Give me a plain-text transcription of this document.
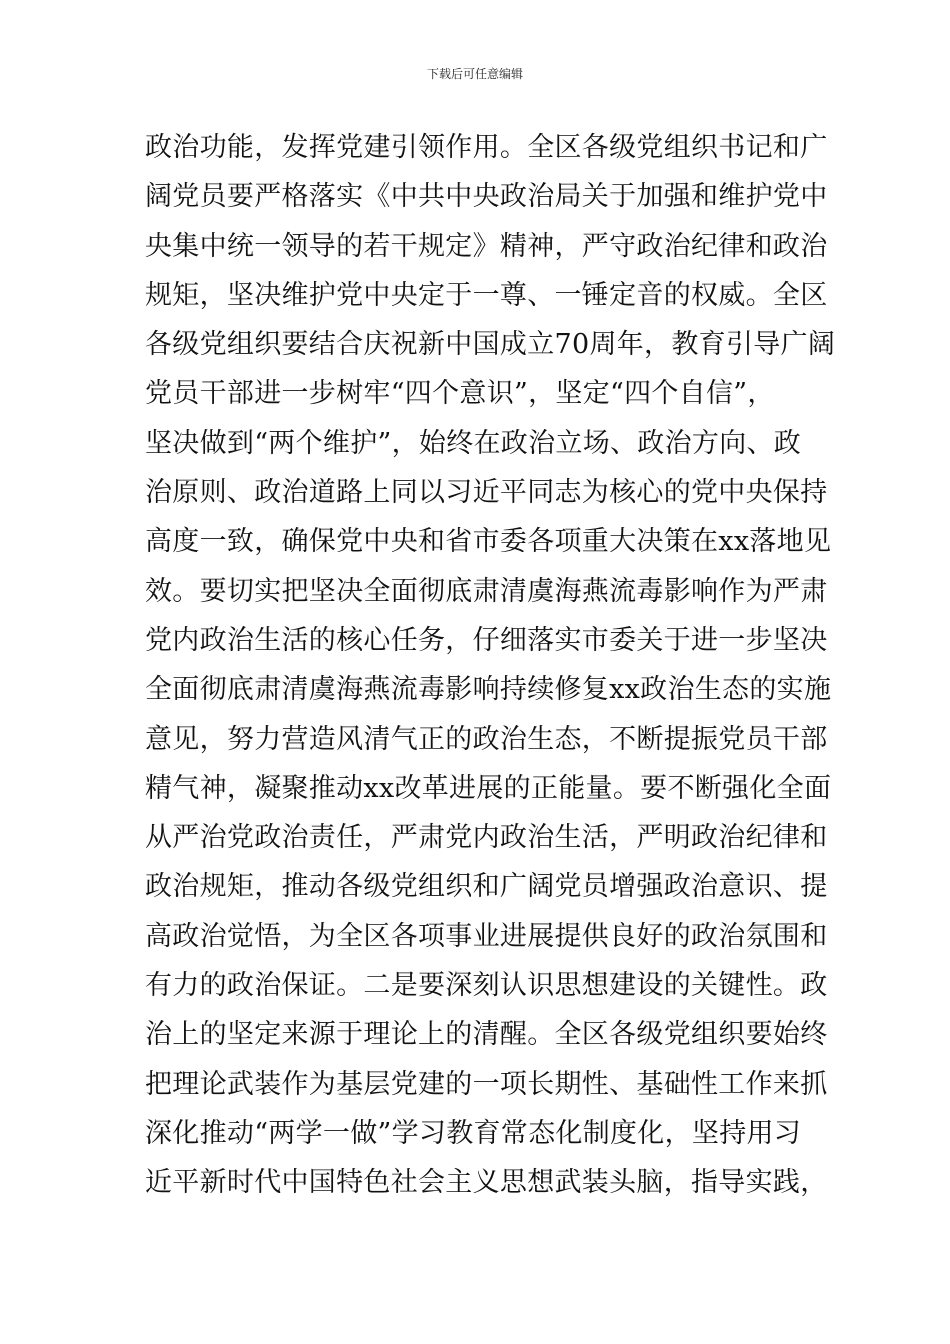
下载后可任意编辑
政治功能，发挥党建引领作用。全区各级党组织书记和广
阔党员要严格落实《中共中央政治局关于加强和维护党中
央集中统一领导的若干规定》精神，严守政治纪律和政治
规矩，坚决维护党中央定于一尊、一锤定音的权威。全区
各级党组织要结合庆祝新中国成立70周年，教育引导广阔
党员干部进一步树牢“四个意识”，坚定“四个自信”，
坚决做到“两个维护”，始终在政治立场、政治方向、政
治原则、政治道路上同以习近平同志为核心的党中央保持
高度一致，确保党中央和省市委各项重大决策在xx落地见
效。要切实把坚决全面彻底肃清虞海燕流毒影响作为严肃
党内政治生活的核心任务，仔细落实市委关于进一步坚决
全面彻底肃清虞海燕流毒影响持续修复xx政治生态的实施
意见，努力营造风清气正的政治生态，不断提振党员干部
精气神，凝聚推动xx改革进展的正能量。要不断强化全面
从严治党政治责任，严肃党内政治生活，严明政治纪律和
政治规矩，推动各级党组织和广阔党员增强政治意识、提
高政治觉悟，为全区各项事业进展提供良好的政治氛围和
有力的政治保证。二是要深刻认识思想建设的关键性。政
治上的坚定来源于理论上的清醒。全区各级党组织要始终
把理论武装作为基层党建的一项长期性、基础性工作来抓
深化推动“两学一做”学习教育常态化制度化，坚持用习
近平新时代中国特色社会主义思想武装头脑，指导实践，
